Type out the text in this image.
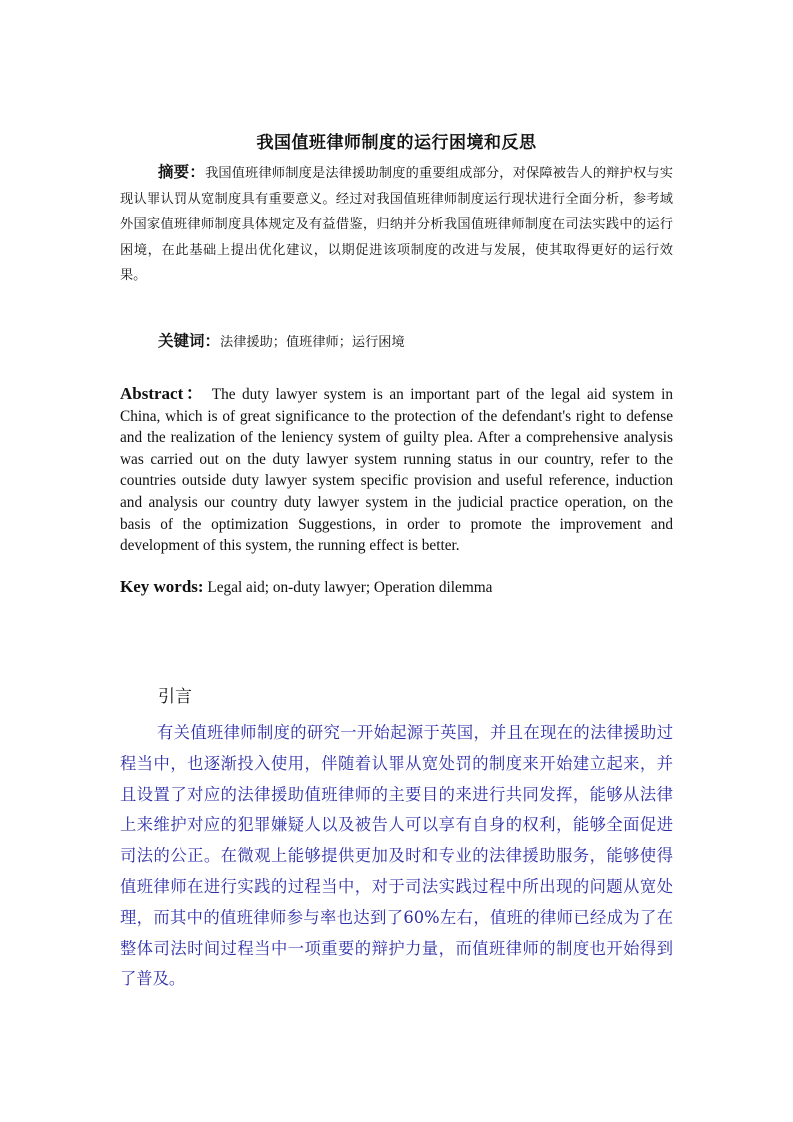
我国值班律师制度的运行困境和反思

摘要：我国值班律师制度是法律援助制度的重要组成部分，对保障被告人的辩护权与实现认罪认罚从宽制度具有重要意义。经过对我国值班律师制度运行现状进行全面分析，参考域外国家值班律师制度具体规定及有益借鉴，归纳并分析我国值班律师制度在司法实践中的运行困境，在此基础上提出优化建议，以期促进该项制度的改进与发展，使其取得更好的运行效果。

关键词：法律援助；值班律师；运行困境

Abstract： The duty lawyer system is an important part of the legal aid system in China, which is of great significance to the protection of the defendant's right to defense and the realization of the leniency system of guilty plea. After a comprehensive analysis was carried out on the duty lawyer system running status in our country, refer to the countries outside duty lawyer system specific provision and useful reference, induction and analysis our country duty lawyer system in the judicial practice operation, on the basis of the optimization Suggestions, in order to promote the improvement and development of this system, the running effect is better.

Key words: Legal aid; on-duty lawyer; Operation dilemma

引言

有关值班律师制度的研究一开始起源于英国，并且在现在的法律援助过程当中，也逐渐投入使用，伴随着认罪从宽处罚的制度来开始建立起来，并且设置了对应的法律援助值班律师的主要目的来进行共同发挥，能够从法律上来维护对应的犯罪嫌疑人以及被告人可以享有自身的权利，能够全面促进司法的公正。在微观上能够提供更加及时和专业的法律援助服务，能够使得值班律师在进行实践的过程当中，对于司法实践过程中所出现的问题从宽处理，而其中的值班律师参与率也达到了60%左右，值班的律师已经成为了在整体司法时间过程当中一项重要的辩护力量，而值班律师的制度也开始得到了普及。
